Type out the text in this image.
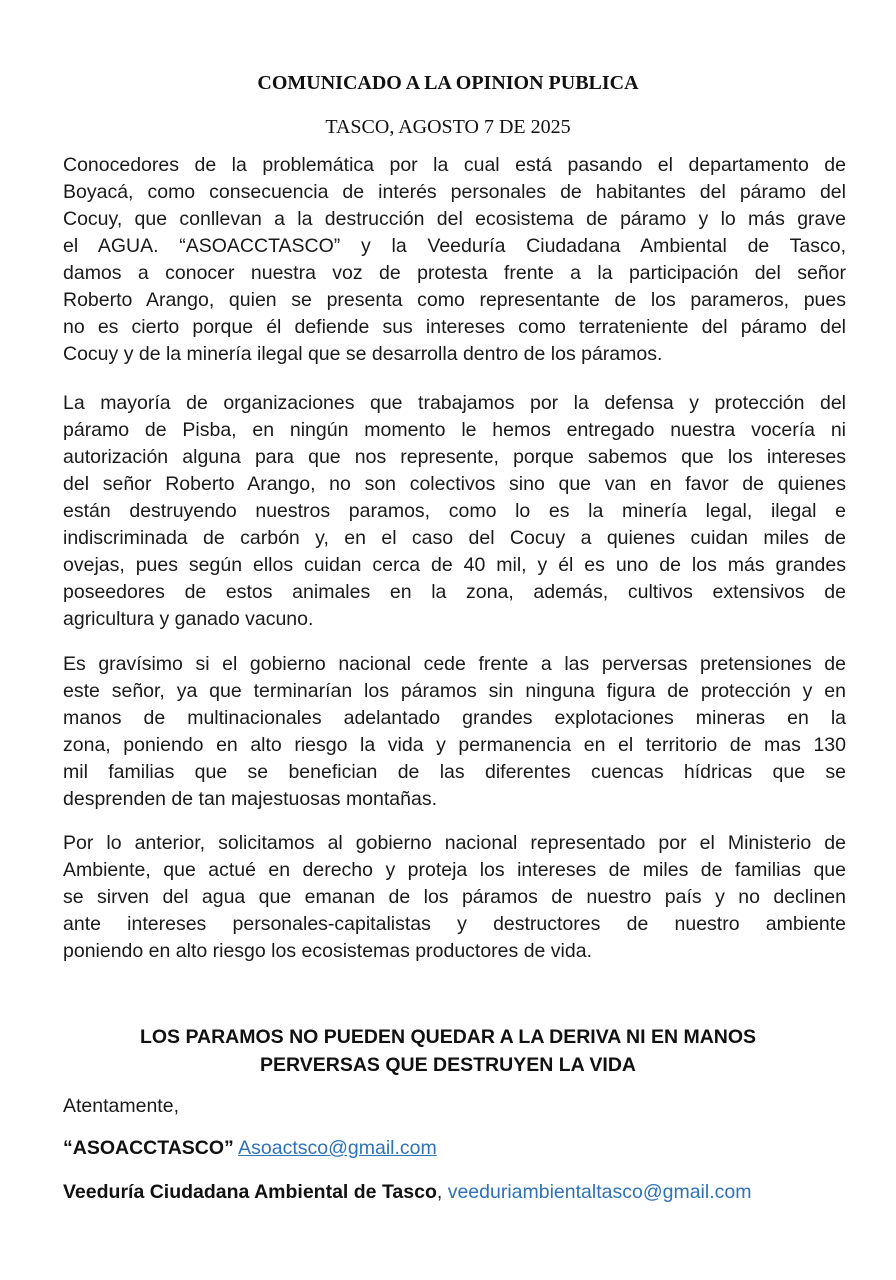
COMUNICADO A LA OPINION PUBLICA
TASCO, AGOSTO 7 DE 2025
Conocedores de la problemática por la cual está pasando el departamento de
Boyacá, como consecuencia de interés personales de habitantes del páramo del
Cocuy, que conllevan a la destrucción del ecosistema de páramo y lo más grave
el AGUA. “ASOACCTASCO” y la Veeduría Ciudadana Ambiental de Tasco,
damos a conocer nuestra voz de protesta frente a la participación del señor
Roberto Arango, quien se presenta como representante de los parameros, pues
no es cierto porque él defiende sus intereses como terrateniente del páramo del
Cocuy y de la minería ilegal que se desarrolla dentro de los páramos.
La mayoría de organizaciones que trabajamos por la defensa y protección del
páramo de Pisba, en ningún momento le hemos entregado nuestra vocería ni
autorización alguna para que nos represente, porque sabemos que los intereses
del señor Roberto Arango, no son colectivos sino que van en favor de quienes
están destruyendo nuestros paramos, como lo es la minería legal, ilegal e
indiscriminada de carbón y, en el caso del Cocuy a quienes cuidan miles de
ovejas, pues según ellos cuidan cerca de 40 mil, y él es uno de los más grandes
poseedores de estos animales en la zona, además, cultivos extensivos de
agricultura y ganado vacuno.
Es gravísimo si el gobierno nacional cede frente a las perversas pretensiones de
este señor, ya que terminarían los páramos sin ninguna figura de protección y en
manos de multinacionales adelantado grandes explotaciones mineras en la
zona, poniendo en alto riesgo la vida y permanencia en el territorio de mas 130
mil familias que se benefician de las diferentes cuencas hídricas que se
desprenden de tan majestuosas montañas.
Por lo anterior, solicitamos al gobierno nacional representado por el Ministerio de
Ambiente, que actué en derecho y proteja los intereses de miles de familias que
se sirven del agua que emanan de los páramos de nuestro país y no declinen
ante intereses personales-capitalistas y destructores de nuestro ambiente
poniendo en alto riesgo los ecosistemas productores de vida.
LOS PARAMOS NO PUEDEN QUEDAR A LA DERIVA NI EN MANOS
PERVERSAS QUE DESTRUYEN LA VIDA
Atentamente,
“ASOACCTASCO” Asoactsco@gmail.com
Veeduría Ciudadana Ambiental de Tasco, veeduriambientaltasco@gmail.com
